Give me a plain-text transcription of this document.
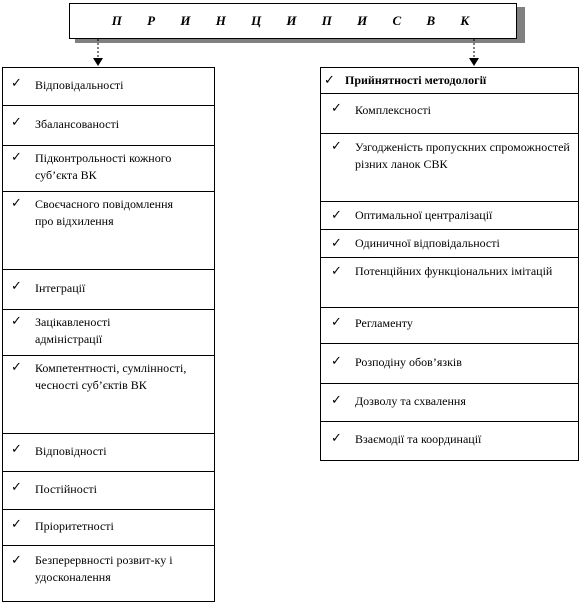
П Р И Н Ц И П И С В К
✓ Відповідальності
✓ Збалансованості
✓ Підконтрольності кожного суб’єкта ВК
✓ Своєчасного повідомлення про відхилення
✓ Інтеграції
✓ Зацікавленості адміністрації
✓ Компетентності, сумлінності, чесності суб’єктів ВК
✓ Відповідності
✓ Постійності
✓ Пріоритетності
✓ Безперервності розвит-ку і удосконалення
✓ Прийнятності методології
✓ Комплексності
✓ Узгодженість пропускних спроможностей різних ланок СВК
✓ Оптимальної централізації
✓ Одиничної відповідальності
✓ Потенційних функціональних імітацій
✓ Регламенту
✓ Розподіну обов’язків
✓ Дозволу та схвалення
✓ Взаємодії та координації
